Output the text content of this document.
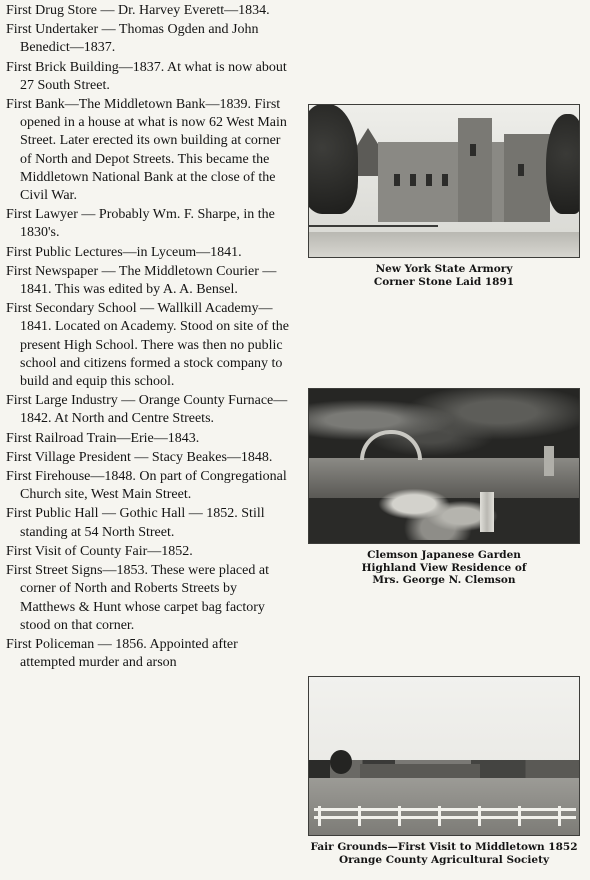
First Drug Store — Dr. Harvey Everett—1834.

First Undertaker — Thomas Ogden and John Benedict—1837.

First Brick Building—1837. At what is now about 27 South Street.

First Bank—The Middletown Bank—1839. First opened in a house at what is now 62 West Main Street. Later erected its own building at corner of North and Depot Streets. This became the Middletown National Bank at the close of the Civil War.

First Lawyer — Probably Wm. F. Sharpe, in the 1830's.

First Public Lectures—in Lyceum—1841.

First Newspaper — The Middletown Courier — 1841. This was edited by A. A. Bensel.

First Secondary School — Wallkill Academy—1841. Located on Academy. Stood on site of the present High School. There was then no public school and citizens formed a stock company to build and equip this school.

First Large Industry — Orange County Furnace—1842. At North and Centre Streets.

First Railroad Train—Erie—1843.

First Village President — Stacy Beakes—1848.

First Firehouse—1848. On part of Congregational Church site, West Main Street.

First Public Hall — Gothic Hall — 1852. Still standing at 54 North Street.

First Visit of County Fair—1852.

First Street Signs—1853. These were placed at corner of North and Roberts Streets by Matthews & Hunt whose carpet bag factory stood on that corner.

First Policeman — 1856. Appointed after attempted murder and arson

New York State Armory
Corner Stone Laid 1891
Clemson Japanese Garden
Highland View Residence of
Mrs. George N. Clemson
Fair Grounds—First Visit to Middletown 1852
Orange County Agricultural Society
